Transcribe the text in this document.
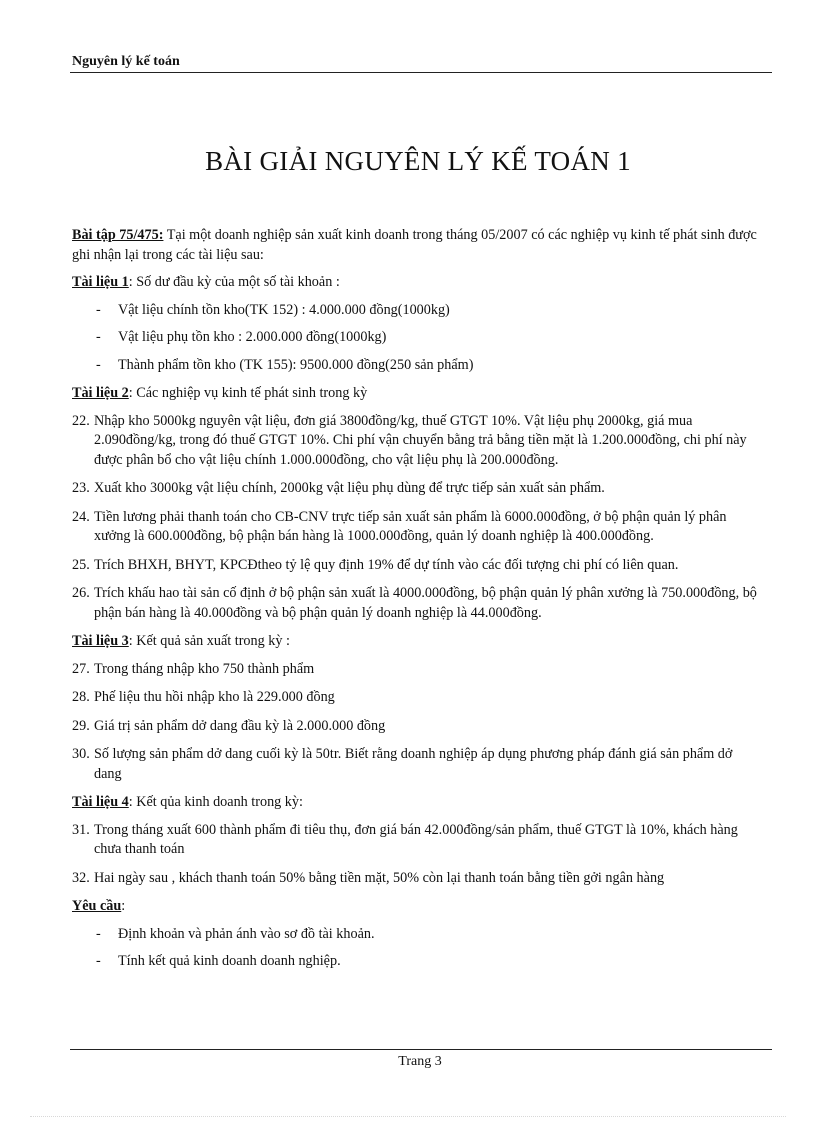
Nguyên lý kế toán
BÀI GIẢI NGUYÊN LÝ KẾ TOÁN 1

Bài tập 75/475: Tại một doanh nghiệp sản xuất kinh doanh trong tháng 05/2007 có các nghiệp vụ kinh tế phát sinh được ghi nhận lại trong các tài liệu sau:

Tài liệu 1: Số dư đầu kỳ của một số tài khoản :

- Vật liệu chính tồn kho(TK 152) : 4.000.000 đồng(1000kg)
- Vật liệu phụ tồn kho : 2.000.000 đồng(1000kg)
- Thành phẩm tồn kho (TK 155): 9500.000 đồng(250 sản phẩm)

Tài liệu 2: Các nghiệp vụ kinh tế phát sinh trong kỳ

22. Nhập kho 5000kg nguyên vật liệu, đơn giá 3800đồng/kg, thuế GTGT 10%. Vật liệu phụ 2000kg, giá mua 2.090đồng/kg, trong đó thuế GTGT 10%. Chi phí vận chuyển bằng trả bằng tiền mặt là 1.200.000đồng, chi phí này được phân bổ cho vật liệu chính 1.000.000đồng, cho vật liệu phụ là 200.000đồng.
23. Xuất kho 3000kg vật liệu chính, 2000kg vật liệu phụ dùng để trực tiếp sản xuất sản phẩm.
24. Tiền lương phải thanh toán cho CB-CNV trực tiếp sản xuất sản phẩm là 6000.000đồng, ở bộ phận quản lý phân xưởng là 600.000đồng, bộ phận bán hàng là 1000.000đồng, quản lý doanh nghiệp là 400.000đồng.
25. Trích BHXH, BHYT, KPCĐtheo tỷ lệ quy định 19% để dự tính vào các đối tượng chi phí có liên quan.
26. Trích khấu hao tài sản cố định ở bộ phận sản xuất là 4000.000đồng, bộ phận quản lý phân xưởng là 750.000đồng, bộ phận bán hàng là 40.000đồng và bộ phận quản lý doanh nghiệp là 44.000đồng.

Tài liệu 3: Kết quả sản xuất trong kỳ :

27. Trong tháng nhập kho 750 thành phẩm
28. Phế liệu thu hồi nhập kho là 229.000 đồng
29. Giá trị sản phẩm dở dang đầu kỳ là 2.000.000 đồng
30. Số lượng sản phẩm dở dang cuối kỳ là 50tr. Biết rằng doanh nghiệp áp dụng phương pháp đánh giá sản phẩm dở dang

Tài liệu 4: Kết qủa kinh doanh trong kỳ:

31. Trong tháng xuất 600 thành phẩm đi tiêu thụ, đơn giá bán 42.000đồng/sản phẩm, thuế GTGT là 10%, khách hàng chưa thanh toán
32. Hai ngày sau , khách thanh toán 50% bằng tiền mặt, 50% còn lại thanh toán bằng tiền gởi ngân hàng

Yêu cầu:

- Định khoản và phản ánh vào sơ đồ tài khoản.
- Tính kết quả kinh doanh doanh nghiệp.
Trang 3
